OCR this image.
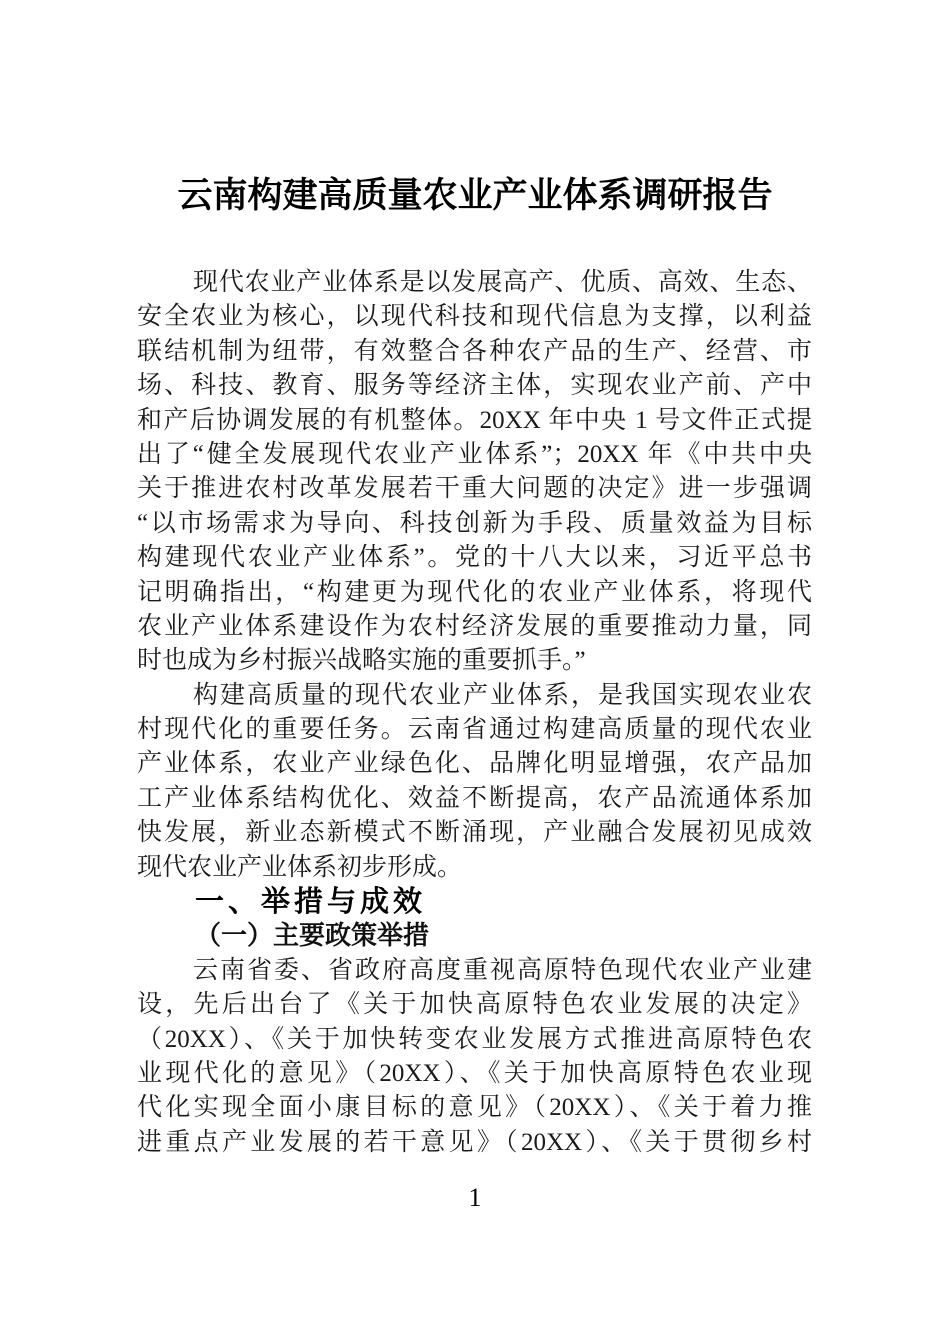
云南构建高质量农业产业体系调研报告
现代农业产业体系是以发展高产、优质、高效、生态、
安全农业为核心，以现代科技和现代信息为支撑，以利益
联结机制为纽带，有效整合各种农产品的生产、经营、市
场、科技、教育、服务等经济主体，实现农业产前、产中
和产后协调发展的有机整体。20XX 年中央 1 号文件正式提
出了“健全发展现代农业产业体系”；20XX 年《中共中央
关于推进农村改革发展若干重大问题的决定》进一步强调
“以市场需求为导向、科技创新为手段、质量效益为目标
构建现代农业产业体系”。党的十八大以来，习近平总书
记明确指出，“构建更为现代化的农业产业体系，将现代
农业产业体系建设作为农村经济发展的重要推动力量，同
时也成为乡村振兴战略实施的重要抓手。”
构建高质量的现代农业产业体系，是我国实现农业农
村现代化的重要任务。云南省通过构建高质量的现代农业
产业体系，农业产业绿色化、品牌化明显增强，农产品加
工产业体系结构优化、效益不断提高，农产品流通体系加
快发展，新业态新模式不断涌现，产业融合发展初见成效
现代农业产业体系初步形成。
一、举措与成效
（一）主要政策举措
云南省委、省政府高度重视高原特色现代农业产业建
设，先后出台了《关于加快高原特色农业发展的决定》
（20XX）、《关于加快转变农业发展方式推进高原特色农
业现代化的意见》（20XX）、《关于加快高原特色农业现
代化实现全面小康目标的意见》（20XX）、《关于着力推
进重点产业发展的若干意见》（20XX）、《关于贯彻乡村
1
